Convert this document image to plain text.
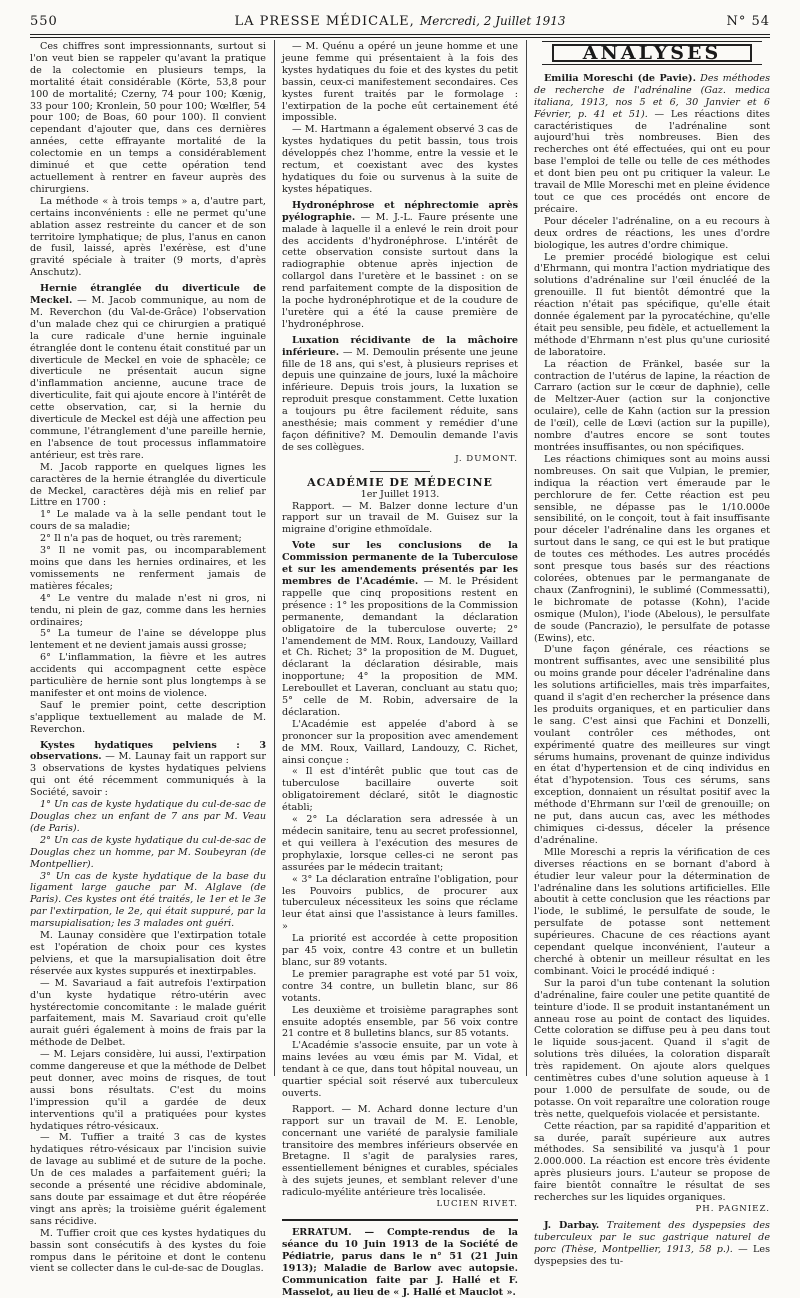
550	LA PRESSE MÉDICALE, Mercredi, 2 Juillet 1913	N° 54

Ces chiffres sont impressionnants, surtout si l'on veut bien se rappeler qu'avant la pratique de la colectomie en plusieurs temps, la mortalité était considérable (Körte, 53,8 pour 100 de mortalité; Czerny, 74 pour 100; Kœnig, 33 pour 100; Kronlein, 50 pour 100; Wœlfler, 54 pour 100; de Boas, 60 pour 100). Il convient cependant d'ajouter que, dans ces dernières années, cette effrayante mortalité de la colectomie en un temps a considérablement diminué et que cette opération tend actuellement à rentrer en faveur auprès des chirurgiens.

La méthode « à trois temps » a, d'autre part, certains inconvénients : elle ne permet qu'une ablation assez restreinte du cancer et de son territoire lymphatique; de plus, l'anus en canon de fusil, laissé, après l'exérèse, est d'une gravité spéciale à traiter (9 morts, d'après Anschutz).

Hernie étranglée du diverticule de Meckel. — M. Jacob communique, au nom de M. Reverchon (du Val-de-Grâce) l'observation d'un malade chez qui ce chirurgien a pratiqué la cure radicale d'une hernie inguinale étranglée dont le contenu était constitué par un diverticule de Meckel en voie de sphacèle; ce diverticule ne présentait aucun signe d'inflammation ancienne, aucune trace de diverticulite, fait qui ajoute encore à l'intérêt de cette observation, car, si la hernie du diverticule de Meckel est déjà une affection peu commune, l'étranglement d'une pareille hernie, en l'absence de tout processus inflammatoire antérieur, est très rare.

M. Jacob rapporte en quelques lignes les caractères de la hernie étranglée du diverticule de Meckel, caractères déjà mis en relief par Littre en 1700 :

1° Le malade va à la selle pendant tout le cours de sa maladie;

2° Il n'a pas de hoquet, ou très rarement;

3° Il ne vomit pas, ou incomparablement moins que dans les hernies ordinaires, et les vomissements ne renferment jamais de matières fécales;

4° Le ventre du malade n'est ni gros, ni tendu, ni plein de gaz, comme dans les hernies ordinaires;

5° La tumeur de l'aine se développe plus lentement et ne devient jamais aussi grosse;

6° L'inflammation, la fièvre et les autres accidents qui accompagnent cette espèce particulière de hernie sont plus longtemps à se manifester et ont moins de violence.

Sauf le premier point, cette description s'applique textuellement au malade de M. Reverchon.

Kystes hydatiques pelviens : 3 observations. — M. Launay fait un rapport sur 3 observations de kystes hydatiques pelviens qui ont été récemment communiqués à la Société, savoir :

1° Un cas de kyste hydatique du cul-de-sac de Douglas chez un enfant de 7 ans par M. Veau (de Paris).

2° Un cas de kyste hydatique du cul-de-sac de Douglas chez un homme, par M. Soubeyran (de Montpellier).

3° Un cas de kyste hydatique de la base du ligament large gauche par M. Alglave (de Paris). Ces kystes ont été traités, le 1er et le 3e par l'extirpation, le 2e, qui était suppuré, par la marsupialisation; les 3 malades ont guéri.

M. Launay considère que l'extirpation totale est l'opération de choix pour ces kystes pelviens, et que la marsupialisation doit être réservée aux kystes suppurés et inextirpables.

— M. Savariaud a fait autrefois l'extirpation d'un kyste hydatique rétro-utérin avec hystérectomie concomitante : le malade guérit parfaitement, mais M. Savariaud croit qu'elle aurait guéri également à moins de frais par la méthode de Delbet.

— M. Lejars considère, lui aussi, l'extirpation comme dangereuse et que la méthode de Delbet peut donner, avec moins de risques, de tout aussi bons résultats. C'est du moins l'impression qu'il a gardée de deux interventions qu'il a pratiquées pour kystes hydatiques rétro-vésicaux.

— M. Tuffier a traité 3 cas de kystes hydatiques rétro-vésicaux par l'incision suivie de lavage au sublimé et de suture de la poche. Un de ces malades a parfaitement guéri; la seconde a présenté une récidive abdominale, sans doute par essaimage et dut être réopérée vingt ans après; la troisième guérit également sans récidive.

M. Tuffier croit que ces kystes hydatiques du bassin sont consécutifs à des kystes du foie rompus dans le péritoine et dont le contenu vient se collecter dans le cul-de-sac de Douglas.

— M. Quénu a opéré un jeune homme et une jeune femme qui présentaient à la fois des kystes hydatiques du foie et des kystes du petit bassin, ceux-ci manifestement secondaires. Ces kystes furent traités par le formolage : l'extirpation de la poche eût certainement été impossible.

— M. Hartmann a également observé 3 cas de kystes hydatiques du petit bassin, tous trois développés chez l'homme, entre la vessie et le rectum, et coexistant avec des kystes hydatiques du foie ou survenus à la suite de kystes hépatiques.

Hydronéphrose et néphrectomie après pyélographie. — M. J.-L. Faure présente une malade à laquelle il a enlevé le rein droit pour des accidents d'hydronéphrose. L'intérêt de cette observation consiste surtout dans la radiographie obtenue après injection de collargol dans l'uretère et le bassinet : on se rend parfaitement compte de la disposition de la poche hydronéphrotique et de la coudure de l'uretère qui a été la cause première de l'hydronéphrose.

Luxation récidivante de la mâchoire inférieure. — M. Demoulin présente une jeune fille de 18 ans, qui s'est, à plusieurs reprises et depuis une quinzaine de jours, luxé la mâchoire inférieure. Depuis trois jours, la luxation se reproduit presque constamment. Cette luxation a toujours pu être facilement réduite, sans anesthésie; mais comment y remédier d'une façon définitive? M. Demoulin demande l'avis de ses collègues.

J. DUMONT.

ACADÉMIE DE MÉDECINE

1er Juillet 1913.

Rapport. — M. Balzer donne lecture d'un rapport sur un travail de M. Guisez sur la migraine d'origine ethmoïdale.

Vote sur les conclusions de la Commission permanente de la Tuberculose et sur les amendements présentés par les membres de l'Académie. — M. le Président rappelle que cinq propositions restent en présence : 1° les propositions de la Commission permanente, demandant la déclaration obligatoire de la tuberculose ouverte; 2° l'amendement de MM. Roux, Landouzy, Vaillard et Ch. Richet; 3° la proposition de M. Duguet, déclarant la déclaration désirable, mais inopportune; 4° la proposition de MM. Lereboullet et Laveran, concluant au statu quo; 5° celle de M. Robin, adversaire de la déclaration.

L'Académie est appelée d'abord à se prononcer sur la proposition avec amendement de MM. Roux, Vaillard, Landouzy, C. Richet, ainsi conçue :

« Il est d'intérêt public que tout cas de tuberculose bacillaire ouverte soit obligatoirement déclaré, sitôt le diagnostic établi;

« 2° La déclaration sera adressée à un médecin sanitaire, tenu au secret professionnel, et qui veillera à l'exécution des mesures de prophylaxie, lorsque celles-ci ne seront pas assurées par le médecin traitant;

« 3° La déclaration entraîne l'obligation, pour les Pouvoirs publics, de procurer aux tuberculeux nécessiteux les soins que réclame leur état ainsi que l'assistance à leurs familles. »

La priorité est accordée à cette proposition par 45 voix, contre 43 contre et un bulletin blanc, sur 89 votants.

Le premier paragraphe est voté par 51 voix, contre 34 contre, un bulletin blanc, sur 86 votants.

Les deuxième et troisième paragraphes sont ensuite adoptés ensemble, par 56 voix contre 21 contre et 8 bulletins blancs, sur 85 votants.

L'Académie s'associe ensuite, par un vote à mains levées au vœu émis par M. Vidal, et tendant à ce que, dans tout hôpital nouveau, un quartier spécial soit réservé aux tuberculeux ouverts.

Rapport. — M. Achard donne lecture d'un rapport sur un travail de M. E. Lenoble, concernant une variété de paralysie familiale transitoire des membres inférieurs observée en Bretagne. Il s'agit de paralysies rares, essentiellement bénignes et curables, spéciales à des sujets jeunes, et semblant relever d'une radiculo-myélite antérieure très localisée.

LUCIEN RIVET.

ERRATUM. — Compte-rendus de la séance du 10 Juin 1913 de la Société de Pédiatrie, parus dans le n° 51 (21 Juin 1913); Maladie de Barlow avec autopsie. Communication faite par J. Hallé et F. Masselot, au lieu de « J. Hallé et Mauclot ».

ANALYSES

Emilia Moreschi (de Pavie). Des méthodes de recherche de l'adrénaline (Gaz. medica italiana, 1913, nos 5 et 6, 30 Janvier et 6 Février, p. 41 et 51). — Les réactions dites caractéristiques de l'adrénaline sont aujourd'hui très nombreuses. Bien des recherches ont été effectuées, qui ont eu pour base l'emploi de telle ou telle de ces méthodes et dont bien peu ont pu critiquer la valeur. Le travail de Mlle Moreschi met en pleine évidence tout ce que ces procédés ont encore de précaire.

Pour déceler l'adrénaline, on a eu recours à deux ordres de réactions, les unes d'ordre biologique, les autres d'ordre chimique.

Le premier procédé biologique est celui d'Ehrmann, qui montra l'action mydriatique des solutions d'adrénaline sur l'œil énucléé de la grenouille. Il fut bientôt démontré que la réaction n'était pas spécifique, qu'elle était donnée également par la pyrocatéchine, qu'elle était peu sensible, peu fidèle, et actuellement la méthode d'Ehrmann n'est plus qu'une curiosité de laboratoire.

La réaction de Fränkel, basée sur la contraction de l'utérus de lapine, la réaction de Carraro (action sur le cœur de daphnie), celle de Meltzer-Auer (action sur la conjonctive oculaire), celle de Kahn (action sur la pression de l'œil), celle de Lœvi (action sur la pupille), nombre d'autres encore se sont toutes montrées insuffisantes, ou non spécifiques.

Les réactions chimiques sont au moins aussi nombreuses. On sait que Vulpian, le premier, indiqua la réaction vert émeraude par le perchlorure de fer. Cette réaction est peu sensible, ne dépasse pas le 1/10.000e sensibilité, on le conçoit, tout à fait insuffisante pour déceler l'adrénaline dans les organes et surtout dans le sang, ce qui est le but pratique de toutes ces méthodes. Les autres procédés sont presque tous basés sur des réactions colorées, obtenues par le permanganate de chaux (Zanfrognini), le sublimé (Commessatti), le bichromate de potasse (Kohn), l'acide osmique (Mulon), l'iode (Abelous), le persulfate de soude (Pancrazio), le persulfate de potasse (Ewins), etc.

D'une façon générale, ces réactions se montrent suffisantes, avec une sensibilité plus ou moins grande pour déceler l'adrénaline dans les solutions artificielles, mais très imparfaites, quand il s'agit d'en rechercher la présence dans les produits organiques, et en particulier dans le sang. C'est ainsi que Fachini et Donzelli, voulant contrôler ces méthodes, ont expérimenté quatre des meilleures sur vingt sérums humains, provenant de quinze individus en état d'hypertension et de cinq individus en état d'hypotension. Tous ces sérums, sans exception, donnaient un résultat positif avec la méthode d'Ehrmann sur l'œil de grenouille; on ne put, dans aucun cas, avec les méthodes chimiques ci-dessus, déceler la présence d'adrénaline.

Mlle Moreschi a repris la vérification de ces diverses réactions en se bornant d'abord à étudier leur valeur pour la détermination de l'adrénaline dans les solutions artificielles. Elle aboutit à cette conclusion que les réactions par l'iode, le sublimé, le persulfate de soude, le persulfate de potasse sont nettement supérieures. Chacune de ces réactions ayant cependant quelque inconvénient, l'auteur a cherché à obtenir un meilleur résultat en les combinant. Voici le procédé indiqué :

Sur la paroi d'un tube contenant la solution d'adrénaline, faire couler une petite quantité de teinture d'iode. Il se produit instantanément un anneau rose au point de contact des liquides. Cette coloration se diffuse peu à peu dans tout le liquide sous-jacent. Quand il s'agit de solutions très diluées, la coloration disparaît très rapidement. On ajoute alors quelques centimètres cubes d'une solution aqueuse à 1 pour 1.000 de persulfate de soude, ou de potasse. On voit reparaître une coloration rouge très nette, quelquefois violacée et persistante.

Cette réaction, par sa rapidité d'apparition et sa durée, paraît supérieure aux autres méthodes. Sa sensibilité va jusqu'à 1 pour 2.000.000. La réaction est encore très évidente après plusieurs jours. L'auteur se propose de faire bientôt connaître le résultat de ses recherches sur les liquides organiques.

PH. PAGNIEZ.

J. Darbay. Traitement des dyspepsies des tuberculeux par le suc gastrique naturel de porc (Thèse, Montpellier, 1913, 58 p.). — Les dyspepsies des tu-
